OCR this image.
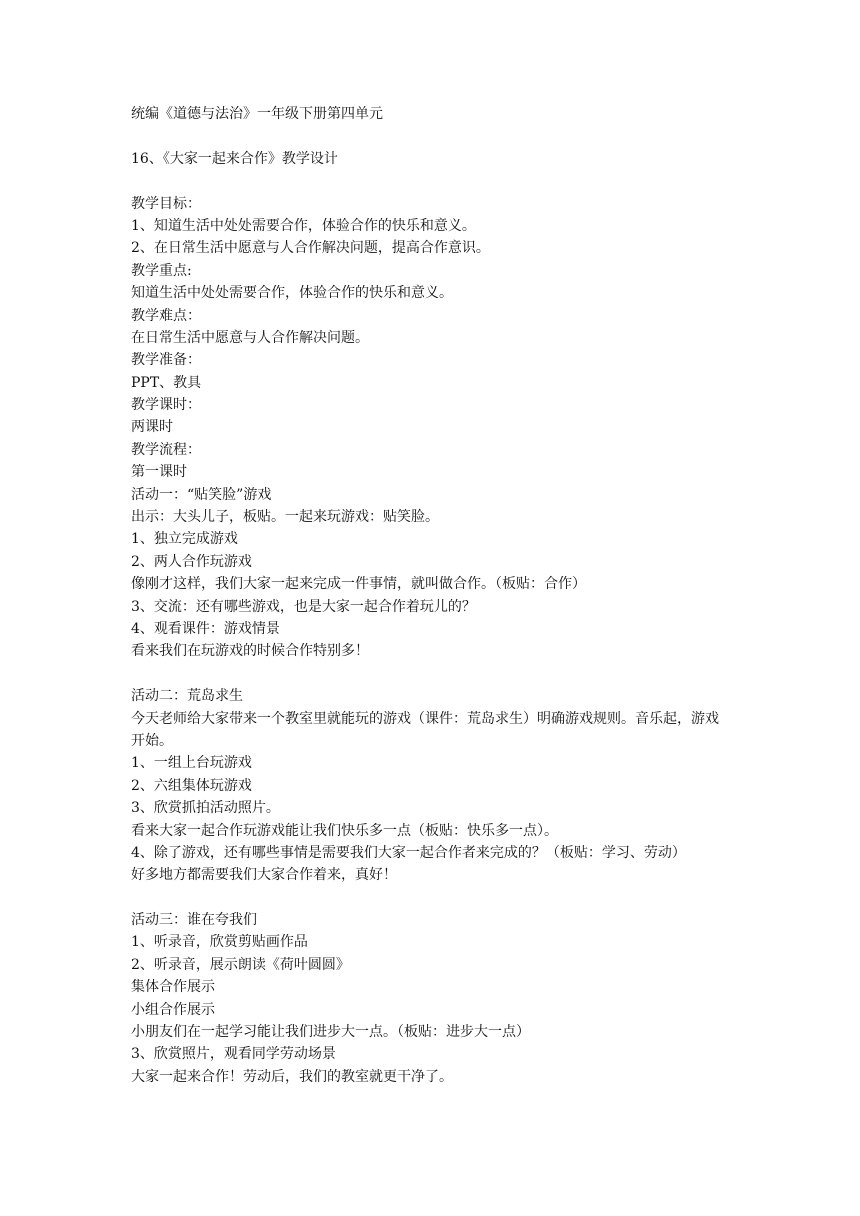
统编《道德与法治》一年级下册第四单元
16、《大家一起来合作》教学设计
教学目标：
1、知道生活中处处需要合作，体验合作的快乐和意义。
2、在日常生活中愿意与人合作解决问题，提高合作意识。
教学重点:
知道生活中处处需要合作，体验合作的快乐和意义。
教学难点：
在日常生活中愿意与人合作解决问题。
教学准备：
PPT、教具
教学课时：
两课时
教学流程：
第一课时
活动一：“贴笑脸”游戏
出示：大头儿子，板贴。一起来玩游戏：贴笑脸。
1、独立完成游戏
2、两人合作玩游戏
像刚才这样，我们大家一起来完成一件事情，就叫做合作。（板贴：合作）
3、交流：还有哪些游戏，也是大家一起合作着玩儿的？
4、观看课件：游戏情景
看来我们在玩游戏的时候合作特别多！
活动二：荒岛求生
今天老师给大家带来一个教室里就能玩的游戏（课件：荒岛求生）明确游戏规则。音乐起，游戏开始。
1、一组上台玩游戏
2、六组集体玩游戏
3、欣赏抓拍活动照片。
看来大家一起合作玩游戏能让我们快乐多一点（板贴：快乐多一点）。
4、除了游戏，还有哪些事情是需要我们大家一起合作者来完成的？（板贴：学习、劳动）
好多地方都需要我们大家合作着来，真好！
活动三：谁在夸我们
1、听录音，欣赏剪贴画作品
2、听录音，展示朗读《荷叶圆圆》
集体合作展示
小组合作展示
小朋友们在一起学习能让我们进步大一点。（板贴：进步大一点）
3、欣赏照片，观看同学劳动场景
大家一起来合作！劳动后，我们的教室就更干净了。
